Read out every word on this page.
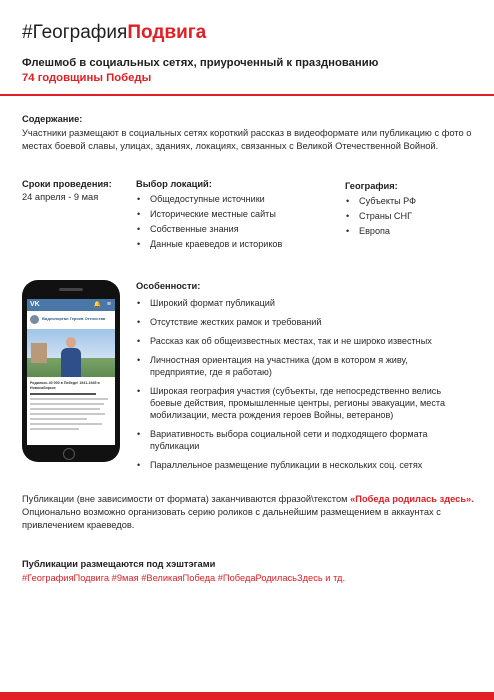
#ГеографияПодвига
Флешмоб в социальных сетях, приуроченный к празднованию
74 годовщины Победы
Содержание:
Участники размещают в социальных сетях короткий рассказ в видеоформате или публикацию с фото о местах боевой славы, улицах, зданиях, локациях, связанных с Великой Отечественной Войной.
Сроки проведения:
24 апреля - 9 мая
Выбор локаций:
• Общедоступные источники
• Исторические местные сайты
• Собственные знания
• Данные краеведов и историков
География:
• Субъекты РФ
• Страны СНГ
• Европа
VK	🔔 ≡
Видеопортал Героев Отечества
Родились 40 000 в Победе! 1941-1945 в Новосибирске
Особенности:
• Широкий формат публикаций
• Отсутствие жестких рамок и требований
• Рассказ как об общеизвестных местах, так и не широко известных
• Личностная ориентация на участника (дом в котором я живу, предприятие, где я работаю)
• Широкая география участия (субъекты, где непосредственно велись боевые действия, промышленные центры, регионы эвакуации, места мобилизации, места рождения героев Войны, ветеранов)
• Вариативность выбора социальной сети и подходящего формата публикации
• Параллельное размещение публикации в нескольких соц. сетях
Публикации (вне зависимости от формата) заканчиваются фразой\текстом «Победа родилась здесь». Опционально возможно организовать серию роликов с дальнейшим размещением в аккаунтах с привлечением краеведов.
Публикации размещаются под хэштэгами
#ГеографияПодвига #9мая #ВеликаяПобеда #ПобедаРодиласьЗдесь и тд.
